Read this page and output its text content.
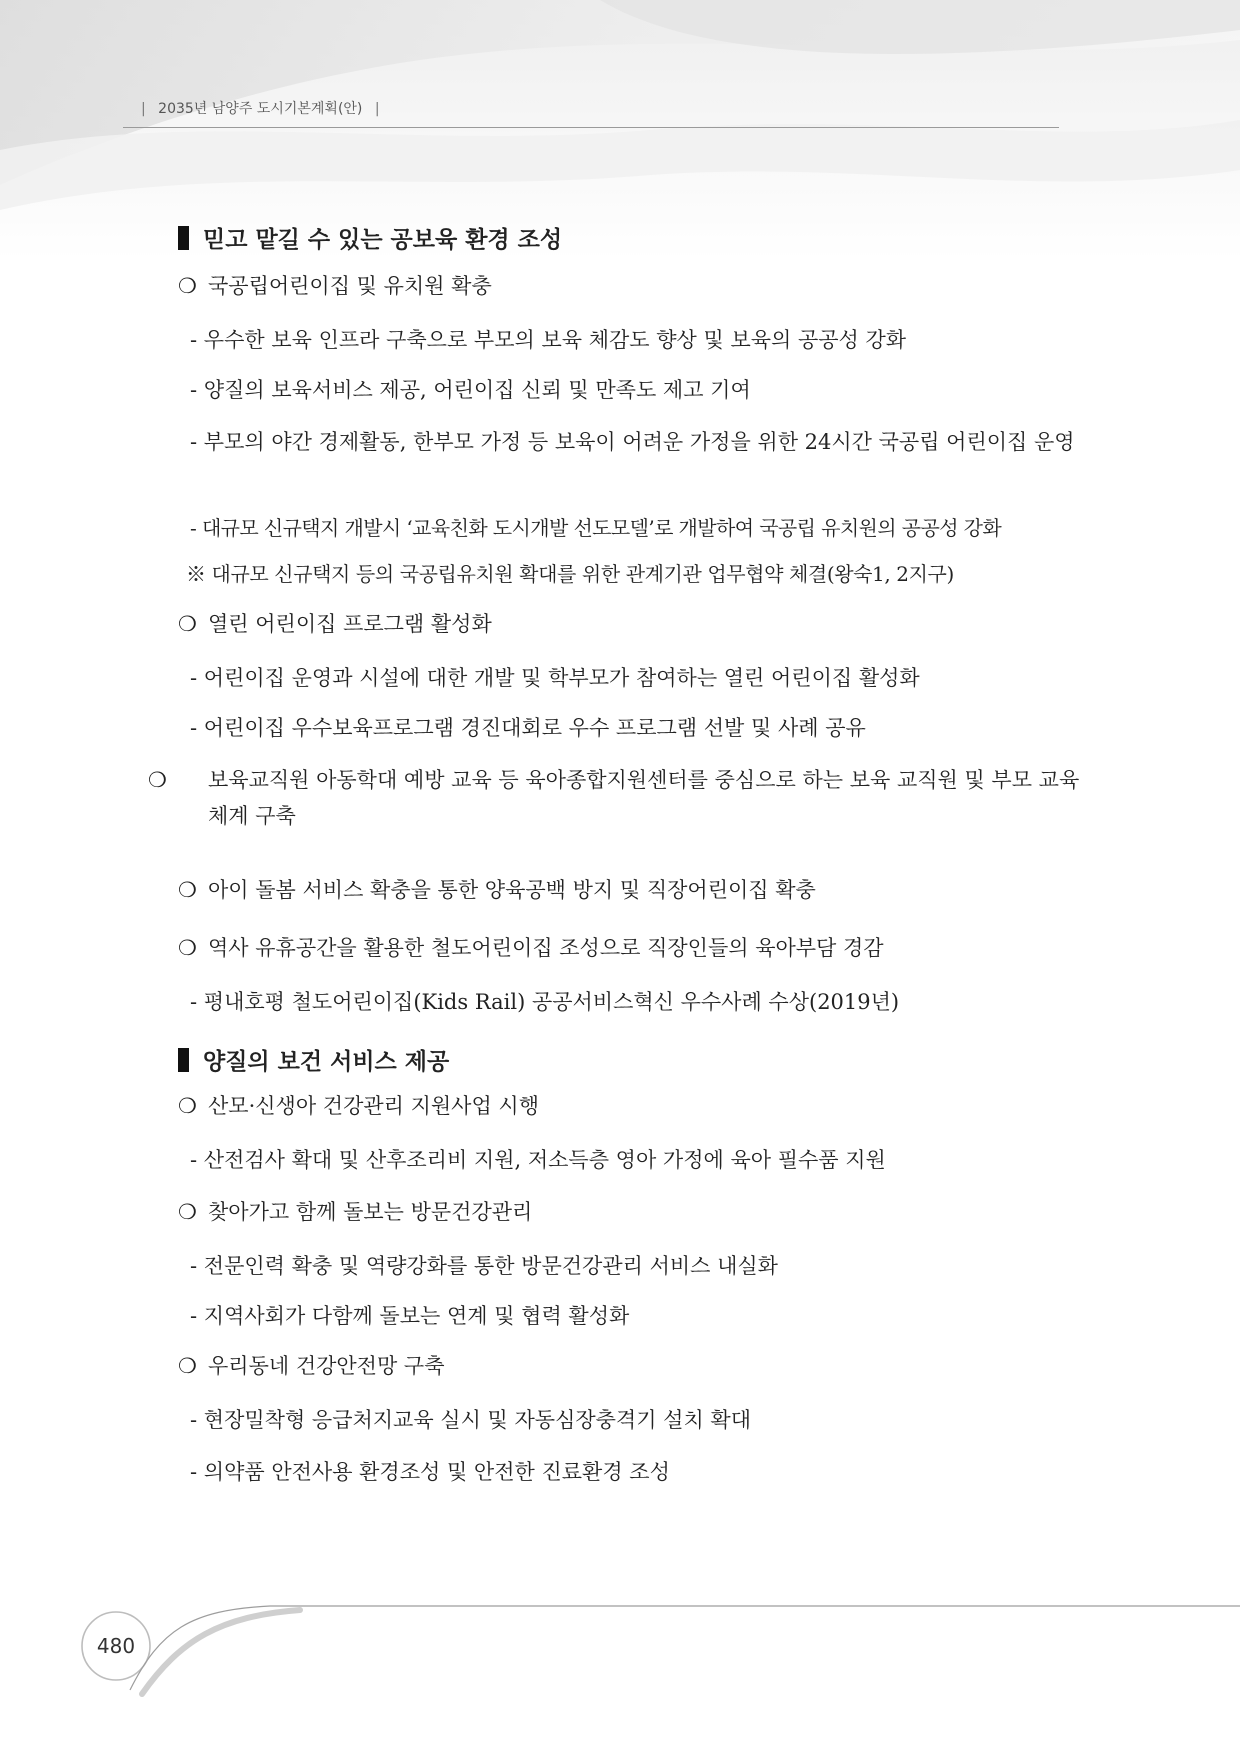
| 2035년 남양주 도시기본계획(안) |
믿고 맡길 수 있는 공보육 환경 조성
❍ 국공립어린이집 및 유치원 확충
- 우수한 보육 인프라 구축으로 부모의 보육 체감도 향상 및 보육의 공공성 강화
- 양질의 보육서비스 제공, 어린이집 신뢰 및 만족도 제고 기여
- 부모의 야간 경제활동, 한부모 가정 등 보육이 어려운 가정을 위한 24시간 국공립 어린이집 운영
- 대규모 신규택지 개발시 ‘교육친화 도시개발 선도모델’로 개발하여 국공립 유치원의 공공성 강화
※ 대규모 신규택지 등의 국공립유치원 확대를 위한 관계기관 업무협약 체결(왕숙1, 2지구)
❍ 열린 어린이집 프로그램 활성화
- 어린이집 운영과 시설에 대한 개발 및 학부모가 참여하는 열린 어린이집 활성화
- 어린이집 우수보육프로그램 경진대회로 우수 프로그램 선발 및 사례 공유
❍ 보육교직원 아동학대 예방 교육 등 육아종합지원센터를 중심으로 하는 보육 교직원 및 부모 교육체계 구축
❍ 아이 돌봄 서비스 확충을 통한 양육공백 방지 및 직장어린이집 확충
❍ 역사 유휴공간을 활용한 철도어린이집 조성으로 직장인들의 육아부담 경감
- 평내호평 철도어린이집(Kids Rail) 공공서비스혁신 우수사례 수상(2019년)
양질의 보건 서비스 제공
❍ 산모·신생아 건강관리 지원사업 시행
- 산전검사 확대 및 산후조리비 지원, 저소득층 영아 가정에 육아 필수품 지원
❍ 찾아가고 함께 돌보는 방문건강관리
- 전문인력 확충 및 역량강화를 통한 방문건강관리 서비스 내실화
- 지역사회가 다함께 돌보는 연계 및 협력 활성화
❍ 우리동네 건강안전망 구축
- 현장밀착형 응급처지교육 실시 및 자동심장충격기 설치 확대
- 의약품 안전사용 환경조성 및 안전한 진료환경 조성
480
